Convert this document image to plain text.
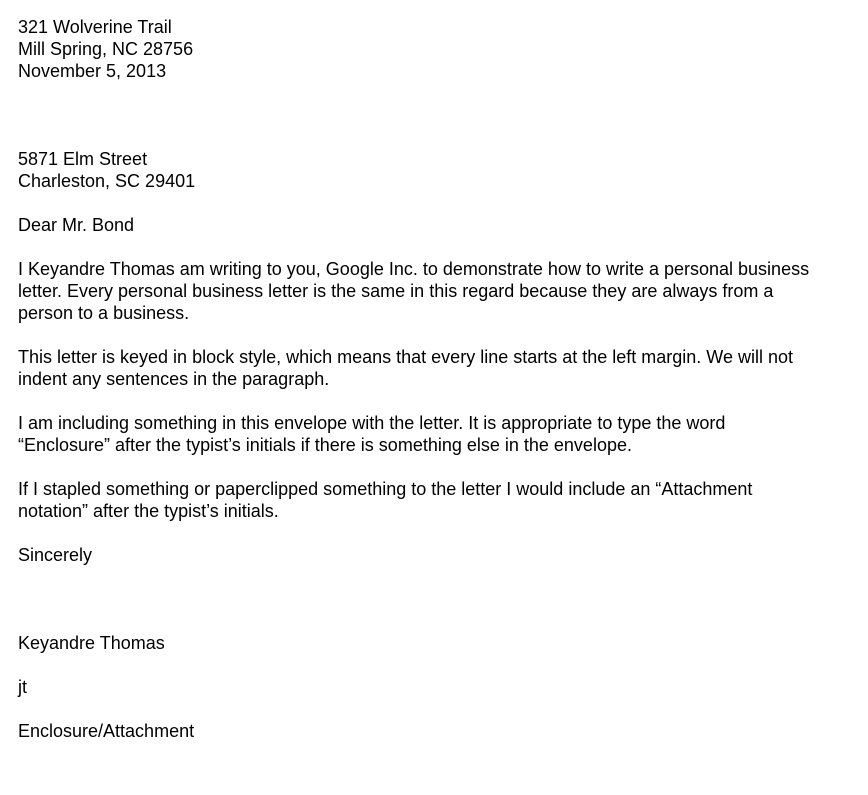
321 Wolverine Trail
Mill Spring, NC 28756
November 5, 2013
5871 Elm Street
Charleston, SC 29401
Dear Mr. Bond
I Keyandre Thomas am writing to you, Google Inc. to demonstrate how to write a personal business
letter. Every personal business letter is the same in this regard because they are always from a
person to a business.
This letter is keyed in block style, which means that every line starts at the left margin. We will not
indent any sentences in the paragraph.
I am including something in this envelope with the letter. It is appropriate to type the word
“Enclosure” after the typist’s initials if there is something else in the envelope.
If I stapled something or paperclipped something to the letter I would include an “Attachment
notation” after the typist’s initials.
Sincerely
Keyandre Thomas
jt
Enclosure/Attachment
